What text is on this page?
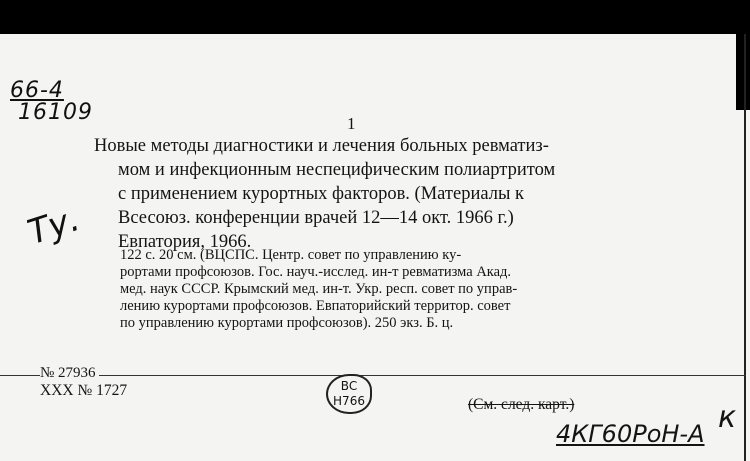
66-4
16109
Ту.
1
Новые методы диагностики и лечения больных ревматиз-
мом и инфекционным неспецифическим полиартритом
с применением курортных факторов. (Материалы к
Всесоюз. конференции врачей 12—14 окт. 1966 г.)
Евпатория, 1966.
122 с. 20 см. (ВЦСПС. Центр. совет по управлению ку-
рортами профсоюзов. Гос. науч.-исслед. ин-т ревматизма Акад.
мед. наук СССР. Крымский мед. ин-т. Укр. респ. совет по управ-
лению курортами профсоюзов. Евпаторийский территор. совет
по управлению курортами профсоюзов). 250 экз. Б. ц.
№ 27936
XXX № 1727	ВС
Н766	(См. след. карт.)
4КГ60РоН-А к
